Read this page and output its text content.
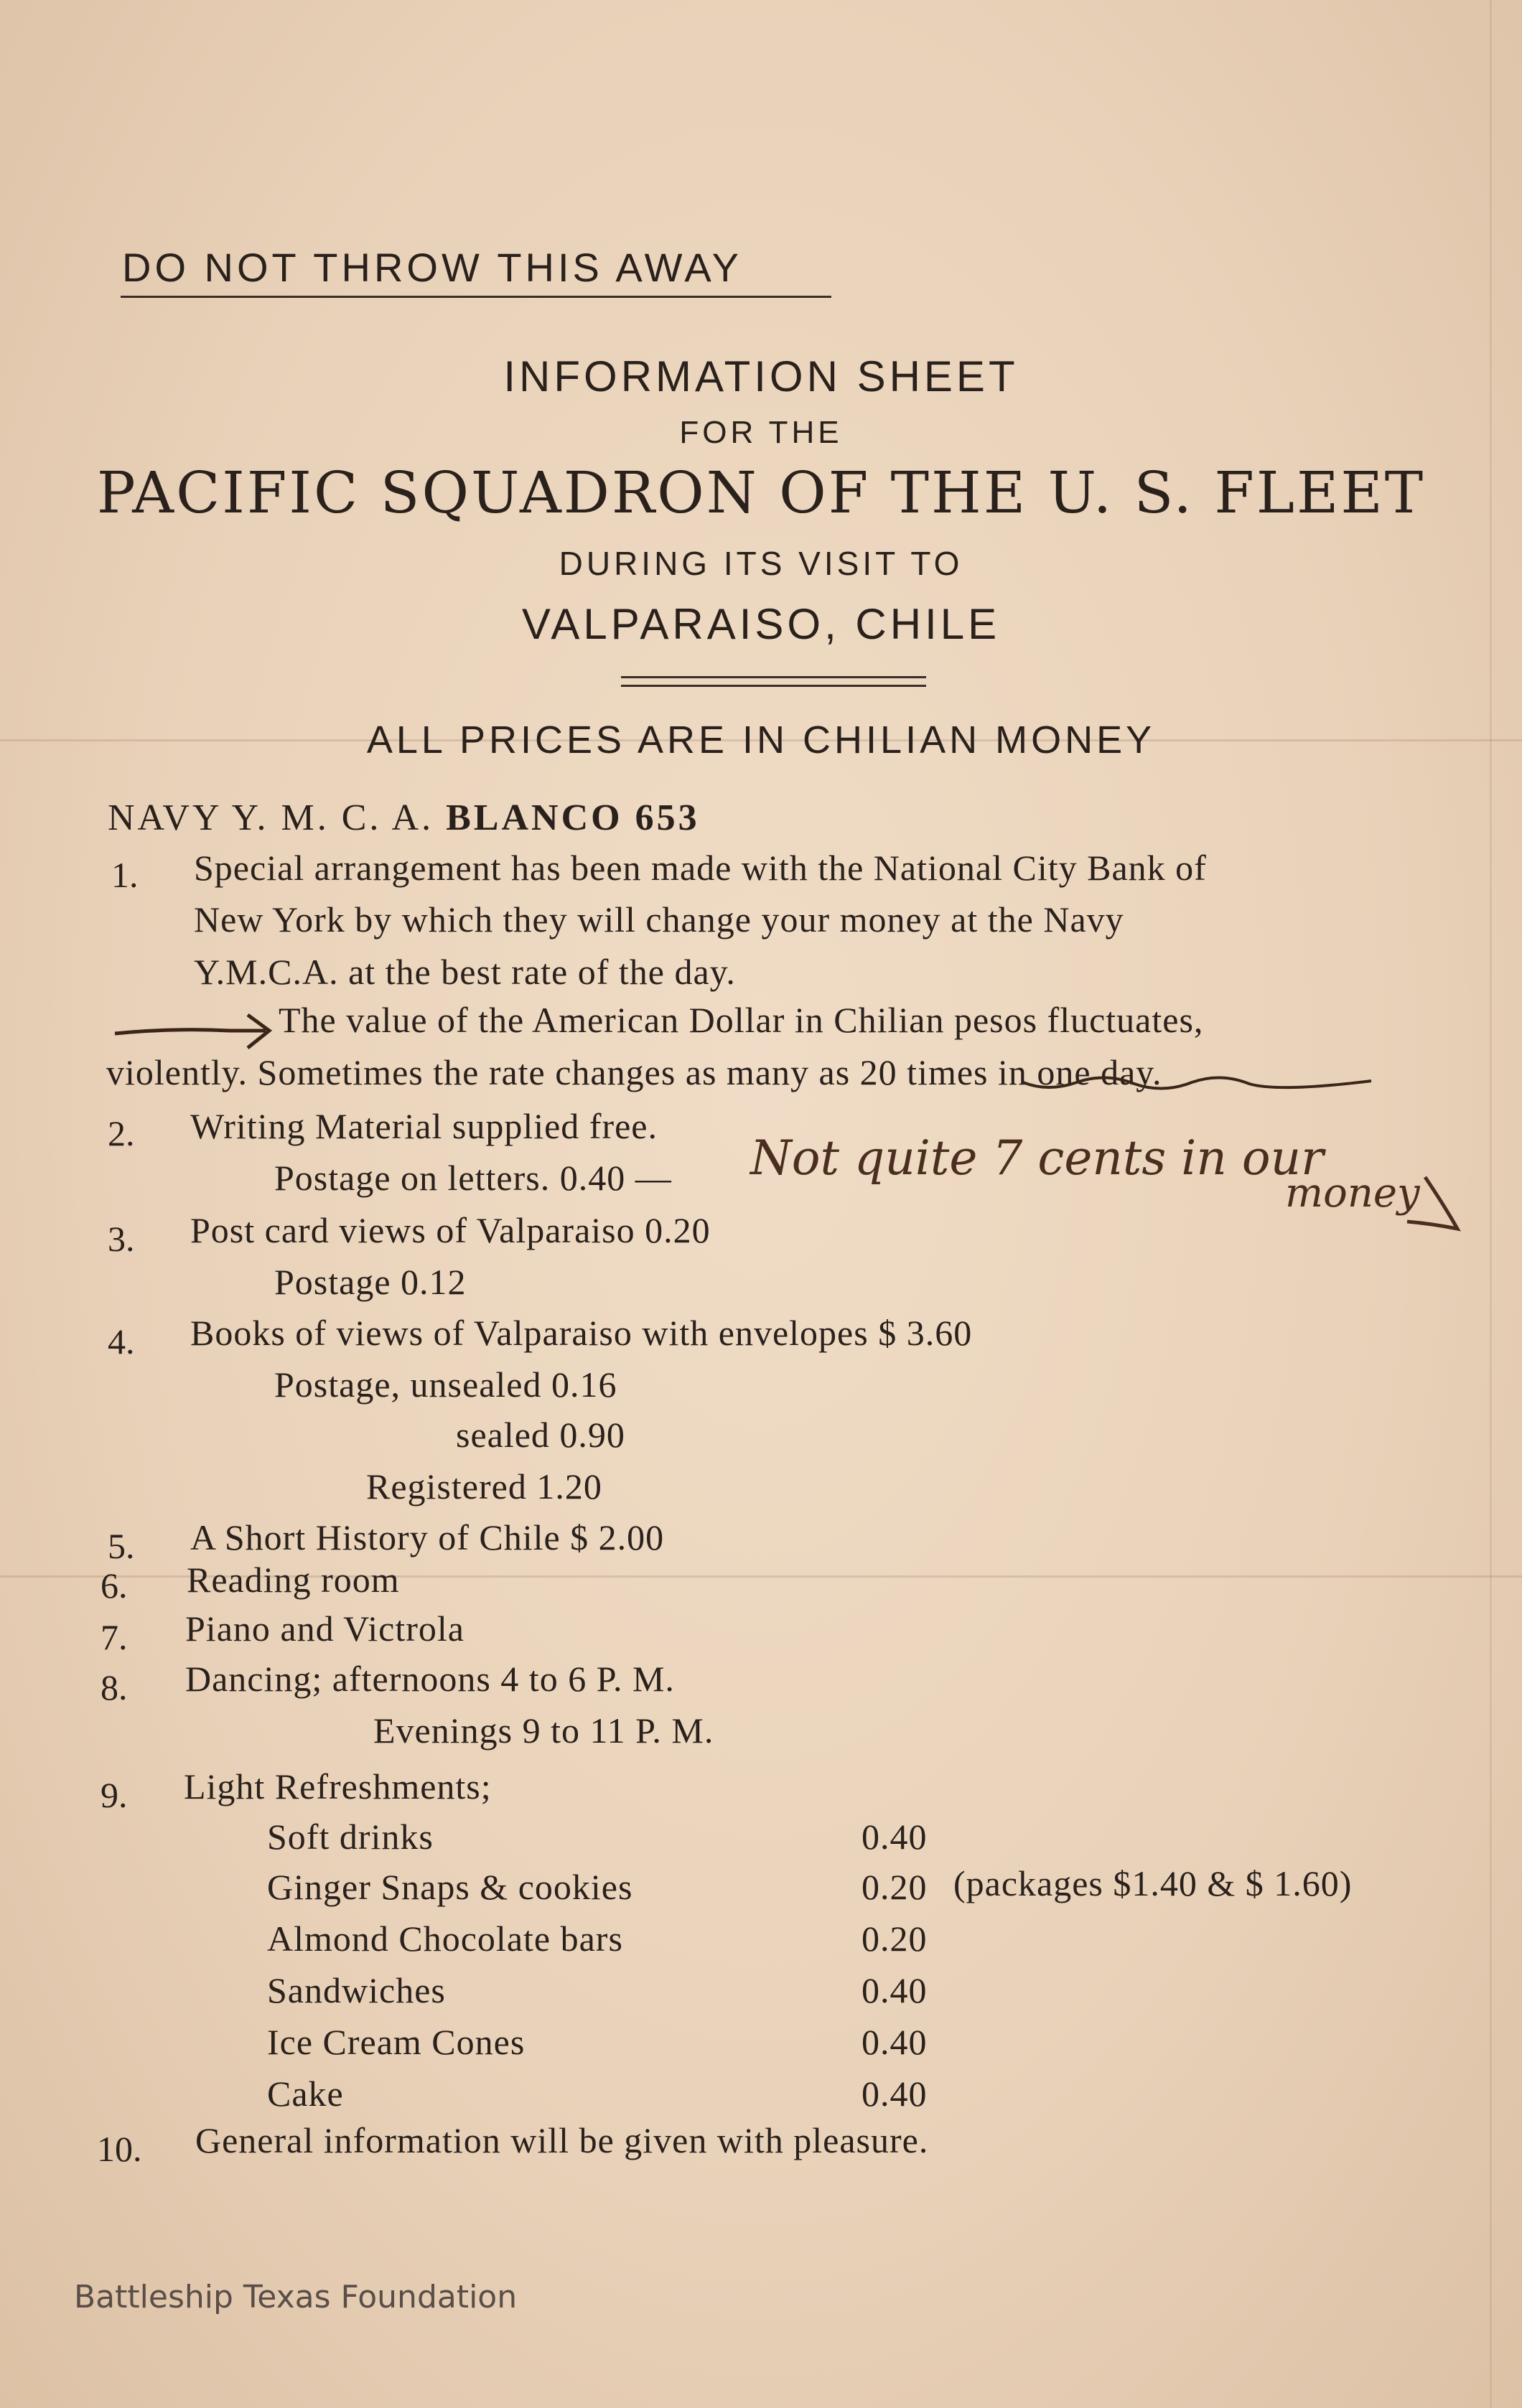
DO NOT THROW THIS AWAY
INFORMATION SHEET
FOR THE
PACIFIC SQUADRON OF THE U. S. FLEET
DURING ITS VISIT TO
VALPARAISO, CHILE
ALL PRICES ARE IN CHILIAN MONEY
NAVY Y. M. C. A. BLANCO 653
1. Special arrangement has been made with the National City Bank of
New York by which they will change your money at the Navy
Y.M.C.A. at the best rate of the day.
The value of the American Dollar in Chilian pesos fluctuates,
violently. Sometimes the rate changes as many as 20 times in one day.
2. Writing Material supplied free.
Postage on letters. 0.40 — Not quite 7 cents in our
money
3. Post card views of Valparaiso 0.20
Postage 0.12
4. Books of views of Valparaiso with envelopes $ 3.60
Postage, unsealed 0.16
sealed 0.90
Registered 1.20
5. A Short History of Chile $ 2.00
6. Reading room
7. Piano and Victrola
8. Dancing; afternoons 4 to 6 P. M.
Evenings 9 to 11 P. M.
9. Light Refreshments;
Soft drinks	0.40
Ginger Snaps & cookies	0.20 (packages $1.40 & $ 1.60)
Almond Chocolate bars	0.20
Sandwiches	0.40
Ice Cream Cones	0.40
Cake	0.40
10. General information will be given with pleasure.
Battleship Texas Foundation
